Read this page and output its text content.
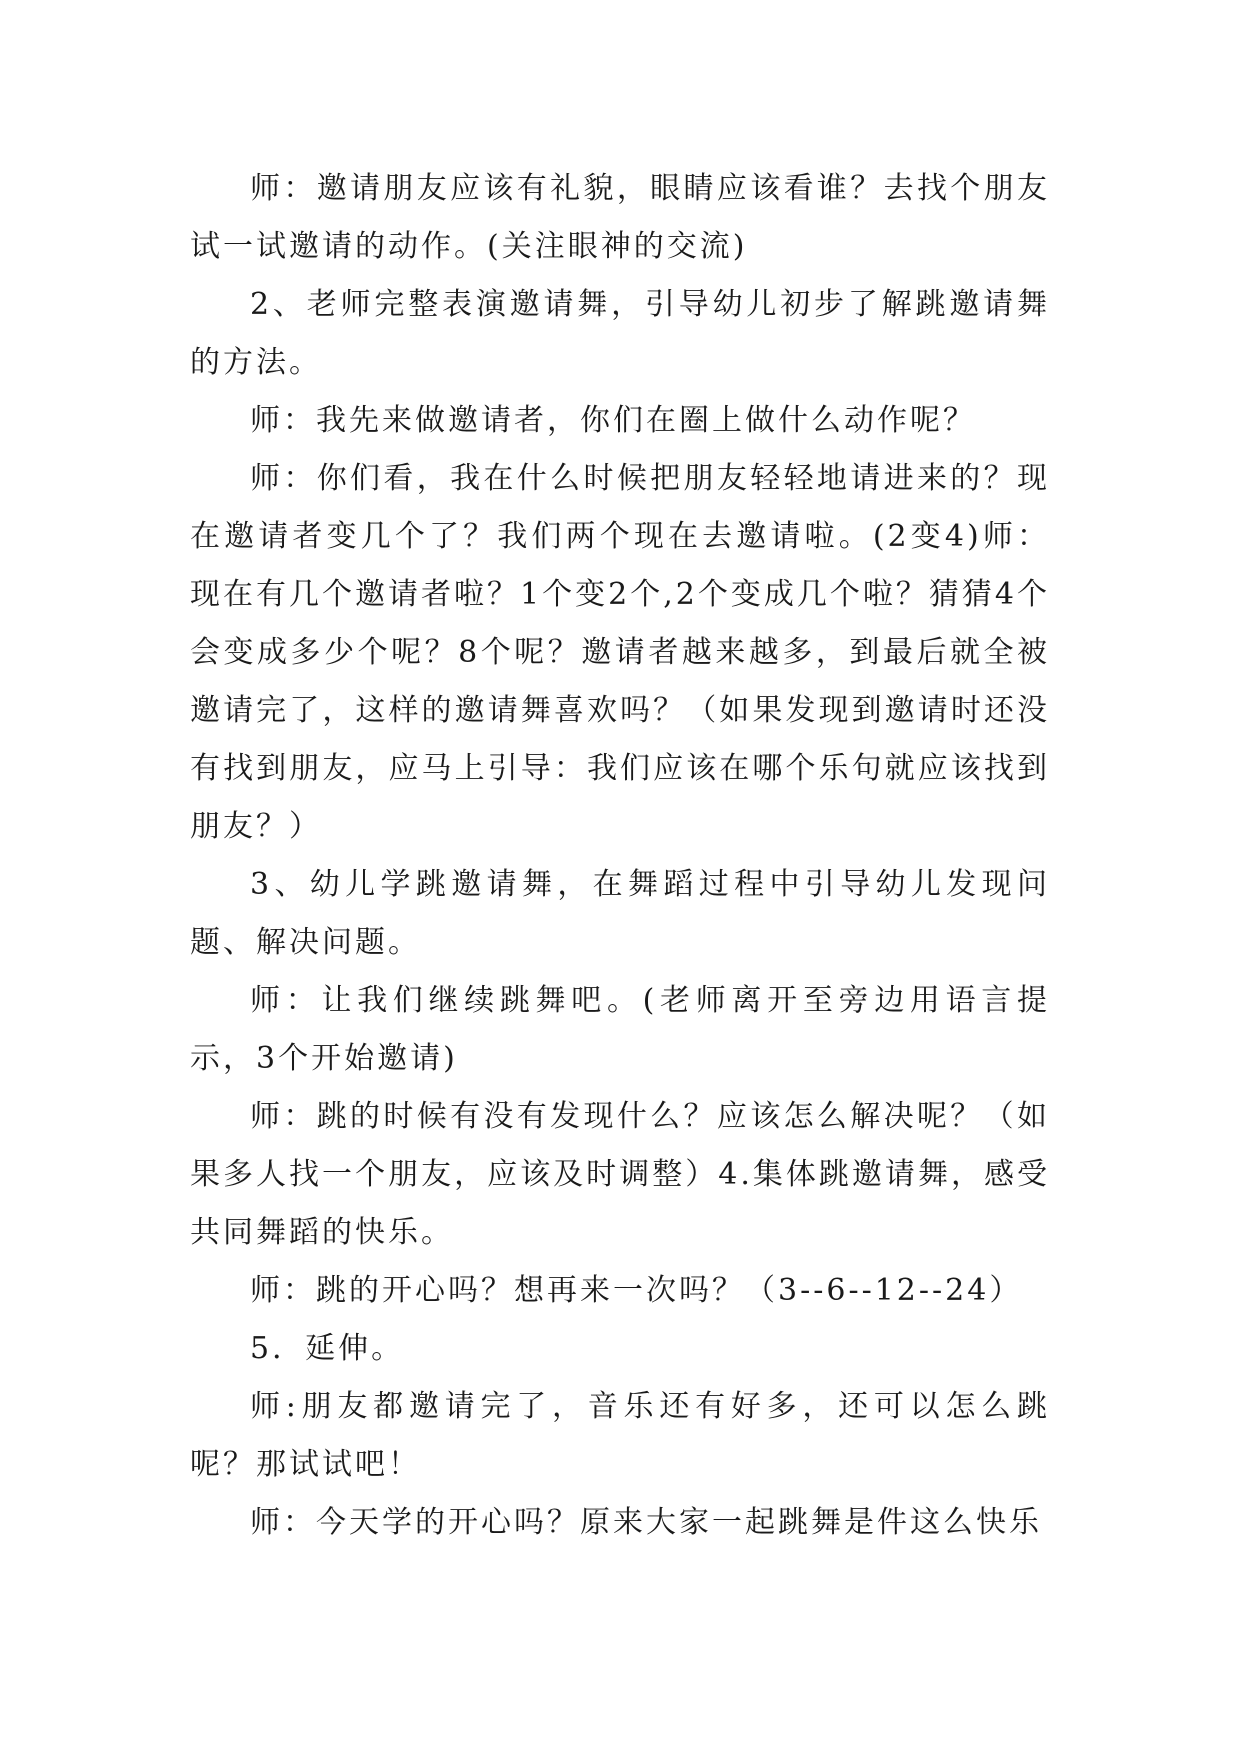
师：邀请朋友应该有礼貌，眼睛应该看谁？去找个朋友试一试邀请的动作。(关注眼神的交流)

2、老师完整表演邀请舞，引导幼儿初步了解跳邀请舞的方法。

师：我先来做邀请者，你们在圈上做什么动作呢？

师：你们看，我在什么时候把朋友轻轻地请进来的？现在邀请者变几个了？我们两个现在去邀请啦。(2变4)师：现在有几个邀请者啦？1个变2个,2个变成几个啦？猜猜4个会变成多少个呢？8个呢？邀请者越来越多，到最后就全被邀请完了，这样的邀请舞喜欢吗？（如果发现到邀请时还没有找到朋友，应马上引导：我们应该在哪个乐句就应该找到朋友？）

3、幼儿学跳邀请舞，在舞蹈过程中引导幼儿发现问题、解决问题。

师：让我们继续跳舞吧。(老师离开至旁边用语言提示，3个开始邀请)

师：跳的时候有没有发现什么？应该怎么解决呢？（如果多人找一个朋友，应该及时调整）4.集体跳邀请舞，感受共同舞蹈的快乐。

师：跳的开心吗？想再来一次吗？（3--6--12--24）

5．延伸。

师:朋友都邀请完了，音乐还有好多，还可以怎么跳呢？那试试吧！

师：今天学的开心吗？原来大家一起跳舞是件这么快乐
